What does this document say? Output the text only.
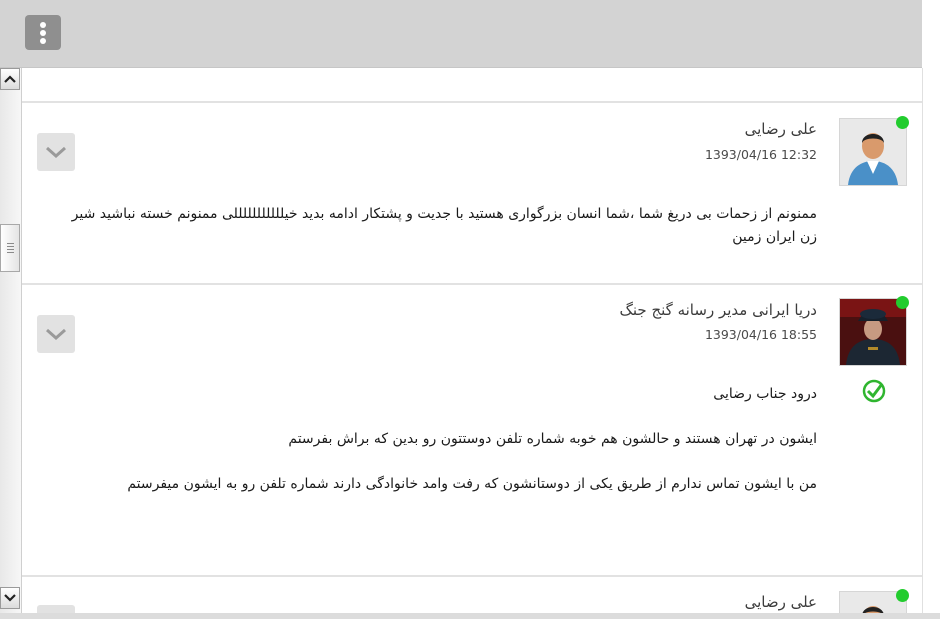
علی رضایی
1393/04/16 12:32

ممنونم از زحمات بی دریغ شما ،شما انسان بزرگواری هستید با جدیت و پشتکار ادامه بدید خیلللللللللللی ممنونم خسته نباشید شیر زن ایران زمین

دریا ایرانی مدیر رسانه گنج جنگ
1393/04/16 18:55

درود جناب رضایی

ایشون در تهران هستند و حالشون هم خوبه شماره تلفن دوستتون رو بدین که براش بفرستم

من با ایشون تماس ندارم از طریق یکی از دوستانشون که رفت وامد خانوادگی دارند شماره تلفن رو به ایشون میفرستم

علی رضایی
